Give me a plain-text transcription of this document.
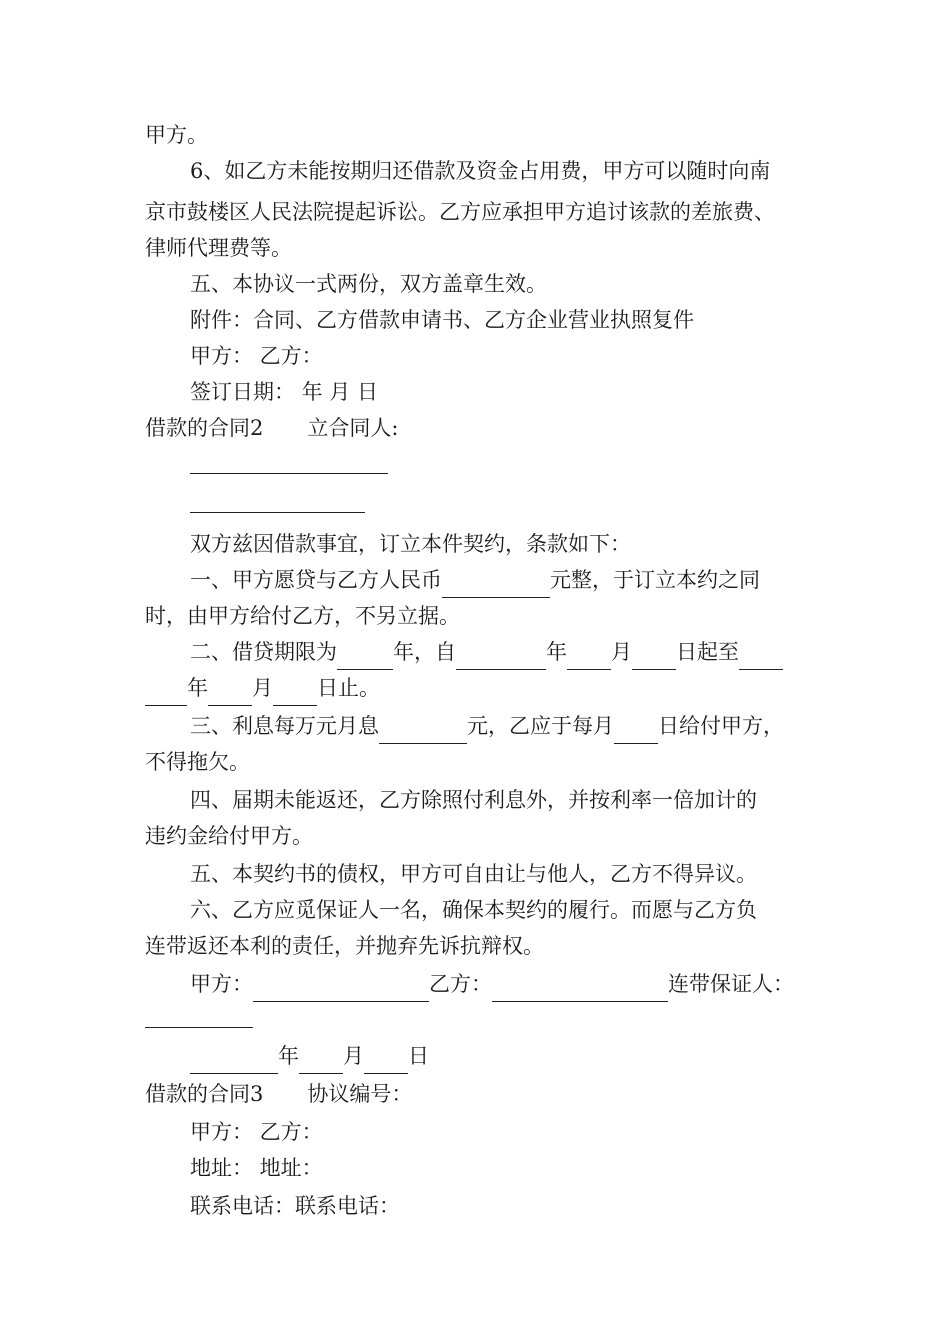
甲方。
6、如乙方未能按期归还借款及资金占用费，甲方可以随时向南
京市鼓楼区人民法院提起诉讼。乙方应承担甲方追讨该款的差旅费、
律师代理费等。
五、本协议一式两份，双方盖章生效。
附件：合同、乙方借款申请书、乙方企业营业执照复件
甲方： 乙方：
签订日期： 年 月 日
借款的合同2 立合同人:
双方兹因借款事宜，订立本件契约，条款如下：
一、甲方愿贷与乙方人民币	元整，于订立本约之同
时，由甲方给付乙方，不另立据。
二、借贷期限为	年，自	年 月 日起至
年 月 日止。
三、利息每万元月息	元，乙应于每月 日给付甲方，
不得拖欠。
四、届期未能返还，乙方除照付利息外，并按利率一倍加计的
违约金给付甲方。
五、本契约书的债权，甲方可自由让与他人，乙方不得异议。
六、乙方应觅保证人一名，确保本契约的履行。而愿与乙方负
连带返还本利的责任，并抛弃先诉抗辩权。
甲方：	乙方：	连带保证人：
年 月 日
借款的合同3 协议编号：
甲方： 乙方：
地址： 地址：
联系电话：联系电话：
